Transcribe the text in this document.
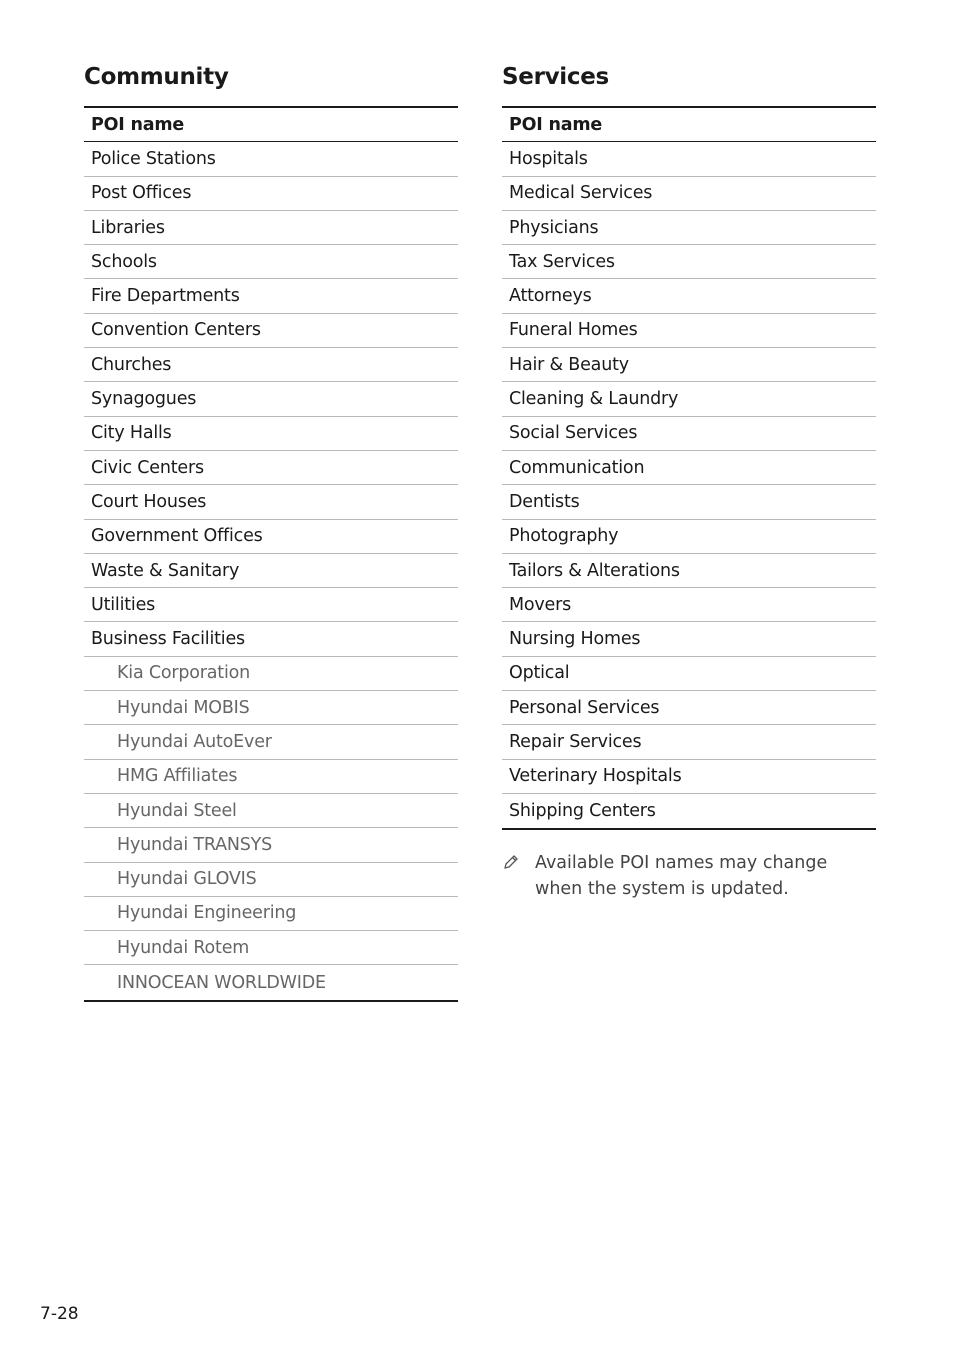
Community
POI name
Police Stations
Post Offices
Libraries
Schools
Fire Departments
Convention Centers
Churches
Synagogues
City Halls
Civic Centers
Court Houses
Government Offices
Waste & Sanitary
Utilities
Business Facilities
Kia Corporation
Hyundai MOBIS
Hyundai AutoEver
HMG Affiliates
Hyundai Steel
Hyundai TRANSYS
Hyundai GLOVIS
Hyundai Engineering
Hyundai Rotem
INNOCEAN WORLDWIDE
Services
POI name
Hospitals
Medical Services
Physicians
Tax Services
Attorneys
Funeral Homes
Hair & Beauty
Cleaning & Laundry
Social Services
Communication
Dentists
Photography
Tailors & Alterations
Movers
Nursing Homes
Optical
Personal Services
Repair Services
Veterinary Hospitals
Shipping Centers
Available POI names may change when the system is updated.
7-28
